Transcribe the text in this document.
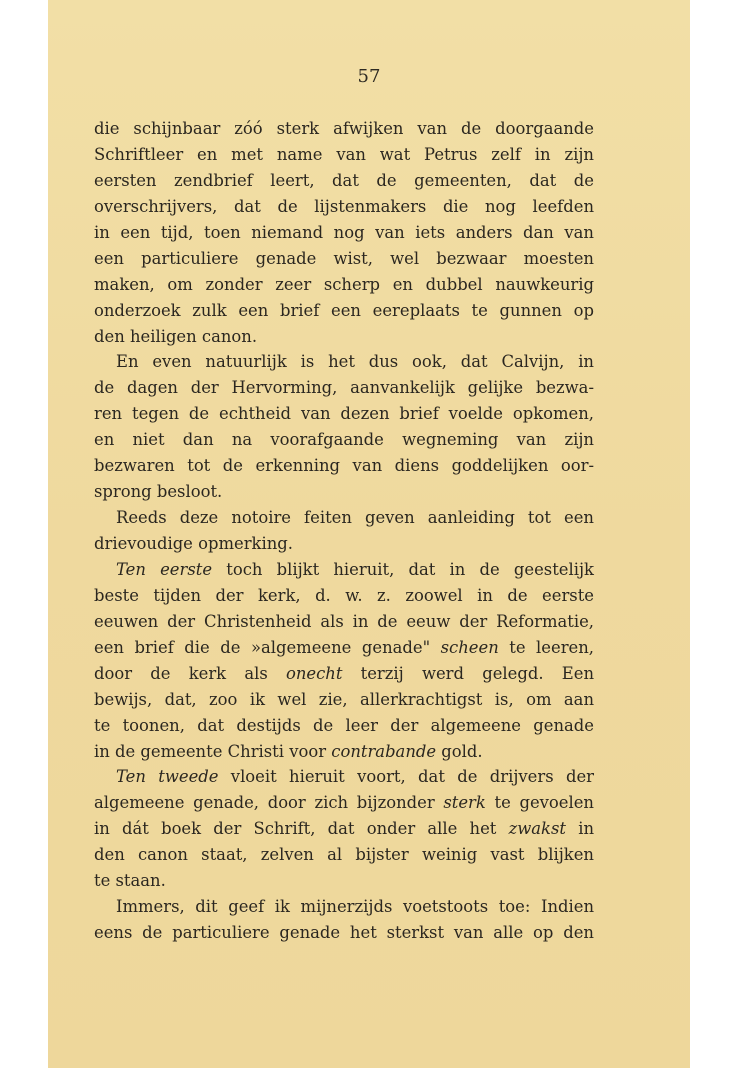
57
die schijnbaar zóó sterk afwijken van de doorgaande
Schriftleer en met name van wat Petrus zelf in zijn
eersten zendbrief leert, dat de gemeenten, dat de
overschrijvers, dat de lijstenmakers die nog leefden
in een tijd, toen niemand nog van iets anders dan van
een particuliere genade wist, wel bezwaar moesten
maken, om zonder zeer scherp en dubbel nauwkeurig
onderzoek zulk een brief een eereplaats te gunnen op
den heiligen canon.
En even natuurlijk is het dus ook, dat Calvijn, in
de dagen der Hervorming, aanvankelijk gelijke bezwa-
ren tegen de echtheid van dezen brief voelde opkomen,
en niet dan na voorafgaande wegneming van zijn
bezwaren tot de erkenning van diens goddelijken oor-
sprong besloot.
Reeds deze notoire feiten geven aanleiding tot een
drievoudige opmerking.
Ten eerste toch blijkt hieruit, dat in de geestelijk
beste tijden der kerk, d. w. z. zoowel in de eerste
eeuwen der Christenheid als in de eeuw der Reformatie,
een brief die de »algemeene genade" scheen te leeren,
door de kerk als onecht terzij werd gelegd. Een
bewijs, dat, zoo ik wel zie, allerkrachtigst is, om aan
te toonen, dat destijds de leer der algemeene genade
in de gemeente Christi voor contrabande gold.
Ten tweede vloeit hieruit voort, dat de drijvers der
algemeene genade, door zich bijzonder sterk te gevoelen
in dát boek der Schrift, dat onder alle het zwakst in
den canon staat, zelven al bijster weinig vast blijken
te staan.
Immers, dit geef ik mijnerzijds voetstoots toe: Indien
eens de particuliere genade het sterkst van alle op den
